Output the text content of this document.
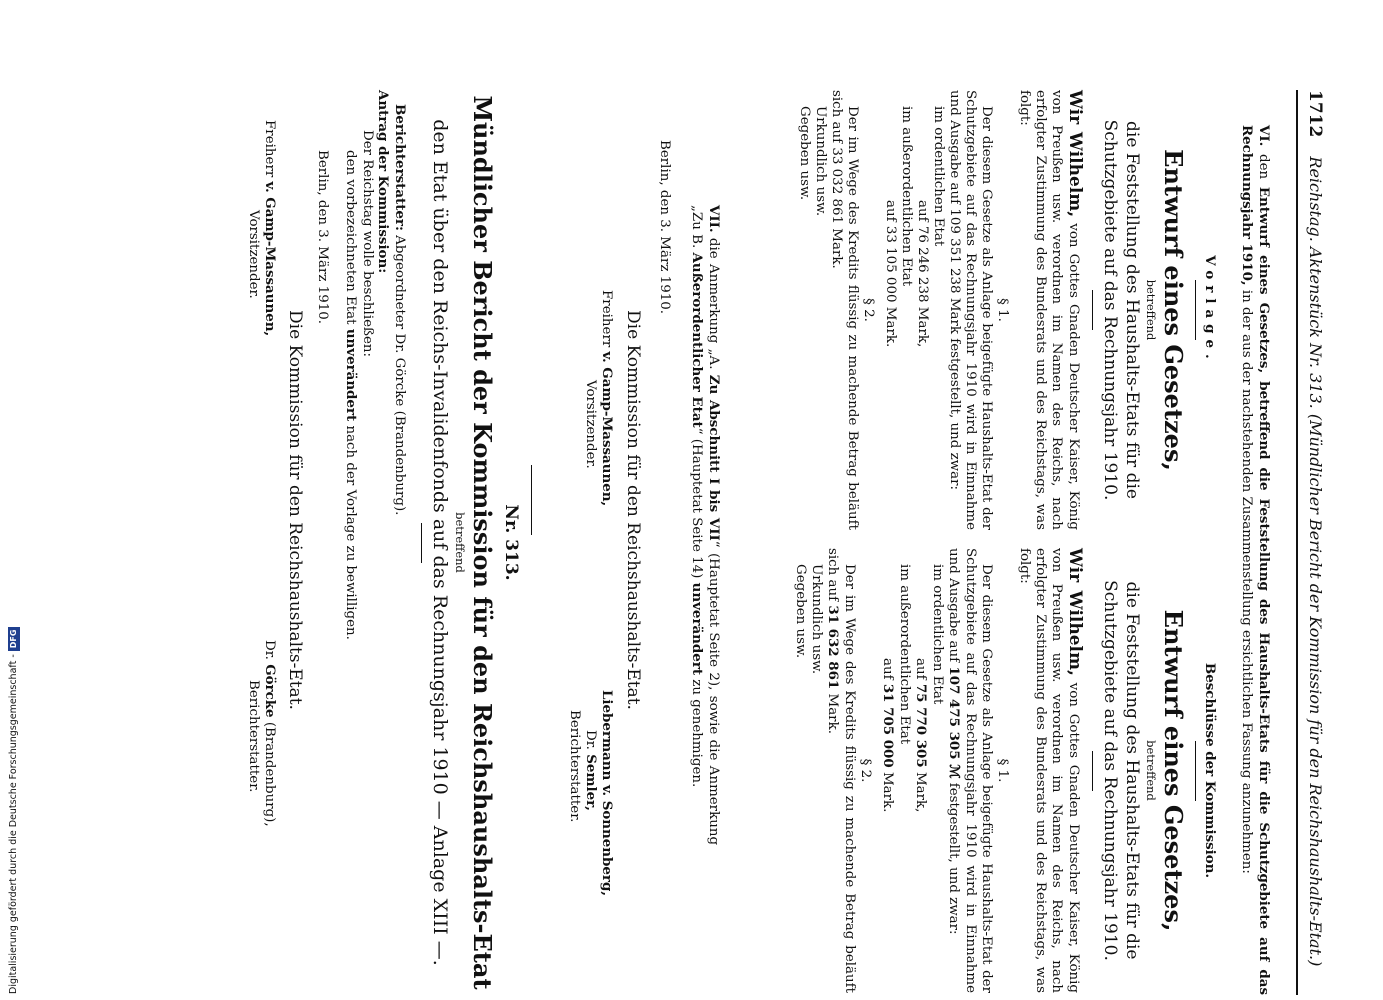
Digitalisierung gefördert durch die Deutsche Forschungsgemeinschaft -DFG
1712 Reichstag. Aktenstück Nr. 313. (Mündlicher Bericht der Kommission für den Reichshaushalts-Etat.)

VI. den Entwurf eines Gesetzes, betreffend die Feststellung des Haushalts-Etats für die Schutzgebiete auf das Rechnungsjahr 1910, in der aus der nachstehenden Zusammenstellung ersichtlichen Fassung anzunehmen:

Vorlage.

Entwurf eines Gesetzes,

betreffend

die Feststellung des Haushalts-Etats für die Schutzgebiete auf das Rechnungsjahr 1910.

Wir Wilhelm, von Gottes Gnaden Deutscher Kaiser, König von Preußen usw. verordnen im Namen des Reichs, nach erfolgter Zustimmung des Bundesrats und des Reichstags, was folgt:

§ 1.

Der diesem Gesetze als Anlage beigefügte Haushalts-Etat der Schutzgebiete auf das Rechnungsjahr 1910 wird in Einnahme und Ausgabe auf 109 351 238 Mark festgestellt, und zwar:

im ordentlichen Etat

auf 76 246 238 Mark,

im außerordentlichen Etat

auf 33 105 000 Mark.

§ 2.

Der im Wege des Kredits flüssig zu machende Betrag beläuft sich auf 33 032 861 Mark.

Urkundlich usw.

Gegeben usw.

Beschlüsse der Kommission.

Entwurf eines Gesetzes,

betreffend

die Feststellung des Haushalts-Etats für die Schutzgebiete auf das Rechnungsjahr 1910.

Wir Wilhelm, von Gottes Gnaden Deutscher Kaiser, König von Preußen usw. verordnen im Namen des Reichs, nach erfolgter Zustimmung des Bundesrats und des Reichstags, was folgt:

§ 1.

Der diesem Gesetze als Anlage beigefügte Haushalts-Etat der Schutzgebiete auf das Rechnungsjahr 1910 wird in Einnahme und Ausgabe auf 107 475 305 ℳ festgestellt, und zwar:

im ordentlichen Etat

auf 75 770 305 Mark,

im außerordentlichen Etat

auf 31 705 000 Mark.

§ 2.

Der im Wege des Kredits flüssig zu machende Betrag beläuft sich auf 31 632 861 Mark.

Urkundlich usw.

Gegeben usw.

VII. die Anmerkung „A. Zu Abschnitt I bis VII“ (Hauptetat Seite 2), sowie die Anmerkung „Zu B. Außerordentlicher Etat“ (Hauptetat Seite 14) unverändert zu genehmigen.

Berlin, den 3. März 1910.

Die Kommission für den Reichshaushalts-Etat.

Freiherr v. Gamp-Massaunen,

Vorsitzender.

Liebermann v. Sonnenberg,

Dr. Semler,

Berichterstatter.

Nr. 313.

Mündlicher Bericht der Kommission für den Reichshaushalts-Etat

betreffend

den Etat über den Reichs-Invalidenfonds auf das Rechnungsjahr 1910 — Anlage XIII —.

Berichterstatter: Abgeordneter Dr. Görcke (Brandenburg).

Antrag der Kommission:

Der Reichstag wolle beschließen:

den vorbezeichneten Etat unverändert nach der Vorlage zu bewilligen.

Berlin, den 3. März 1910.

Die Kommission für den Reichshaushalts-Etat.

Freiherr v. Gamp-Massaunen,

Vorsitzender.

Dr. Görcke (Brandenburg),

Berichterstatter.
